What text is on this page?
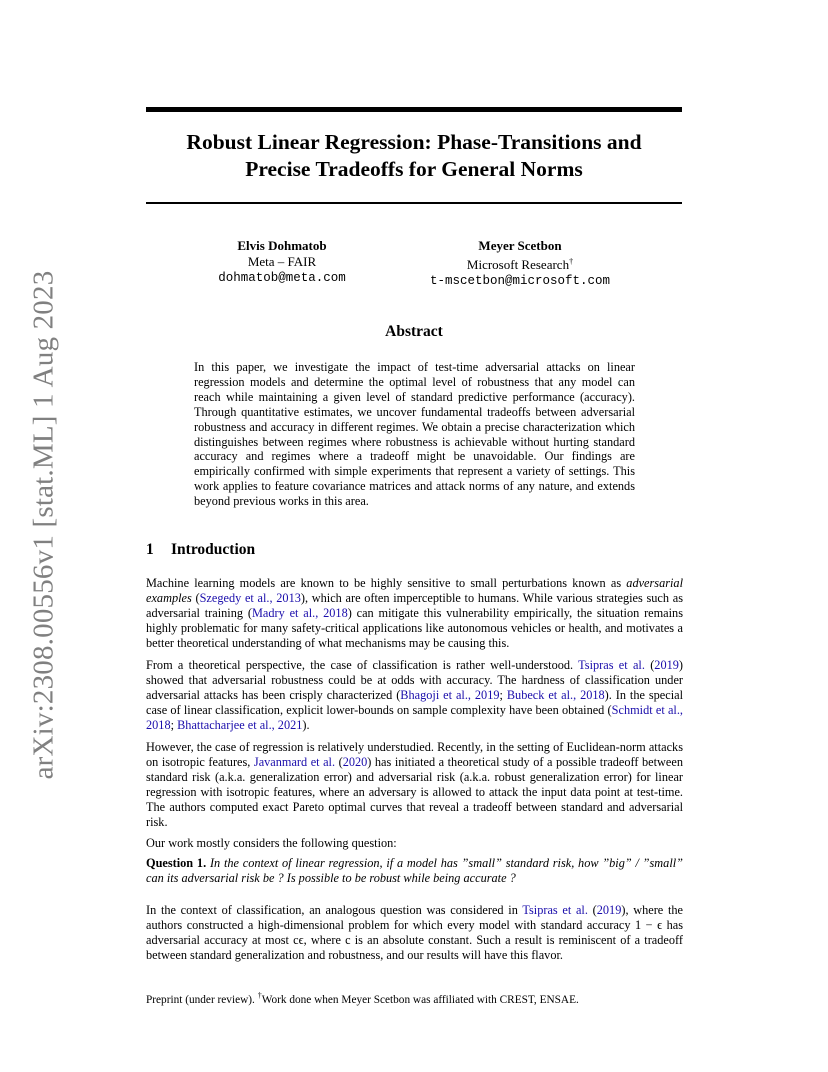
arXiv:2308.00556v1 [stat.ML] 1 Aug 2023
Robust Linear Regression: Phase-Transitions and
Precise Tradeoffs for General Norms
Elvis Dohmatob
Meta – FAIR
dohmatob@meta.com
Meyer Scetbon
Microsoft Research†
t-mscetbon@microsoft.com
Abstract
In this paper, we investigate the impact of test-time adversarial attacks on linear regression models and determine the optimal level of robustness that any model can reach while maintaining a given level of standard predictive performance (accuracy). Through quantitative estimates, we uncover fundamental tradeoffs between adversarial robustness and accuracy in different regimes. We obtain a precise characterization which distinguishes between regimes where robustness is achievable without hurting standard accuracy and regimes where a tradeoff might be unavoidable. Our findings are empirically confirmed with simple experiments that represent a variety of settings. This work applies to feature covariance matrices and attack norms of any nature, and extends beyond previous works in this area.
1 Introduction
Machine learning models are known to be highly sensitive to small perturbations known as adversarial examples (Szegedy et al., 2013), which are often imperceptible to humans. While various strategies such as adversarial training (Madry et al., 2018) can mitigate this vulnerability empirically, the situation remains highly problematic for many safety-critical applications like autonomous vehicles or health, and motivates a better theoretical understanding of what mechanisms may be causing this.
From a theoretical perspective, the case of classification is rather well-understood. Tsipras et al. (2019) showed that adversarial robustness could be at odds with accuracy. The hardness of classification under adversarial attacks has been crisply characterized (Bhagoji et al., 2019; Bubeck et al., 2018). In the special case of linear classification, explicit lower-bounds on sample complexity have been obtained (Schmidt et al., 2018; Bhattacharjee et al., 2021).
However, the case of regression is relatively understudied. Recently, in the setting of Euclidean-norm attacks on isotropic features, Javanmard et al. (2020) has initiated a theoretical study of a possible tradeoff between standard risk (a.k.a. generalization error) and adversarial risk (a.k.a. robust generalization error) for linear regression with isotropic features, where an adversary is allowed to attack the input data point at test-time. The authors computed exact Pareto optimal curves that reveal a tradeoff between standard and adversarial risk.
Our work mostly considers the following question:
Question 1. In the context of linear regression, if a model has ”small” standard risk, how ”big” / ”small” can its adversarial risk be ? Is possible to be robust while being accurate ?
In the context of classification, an analogous question was considered in Tsipras et al. (2019), where the authors constructed a high-dimensional problem for which every model with standard accuracy 1 − ϵ has adversarial accuracy at most cϵ, where c is an absolute constant. Such a result is reminiscent of a tradeoff between standard generalization and robustness, and our results will have this flavor.
Preprint (under review). †Work done when Meyer Scetbon was affiliated with CREST, ENSAE.
